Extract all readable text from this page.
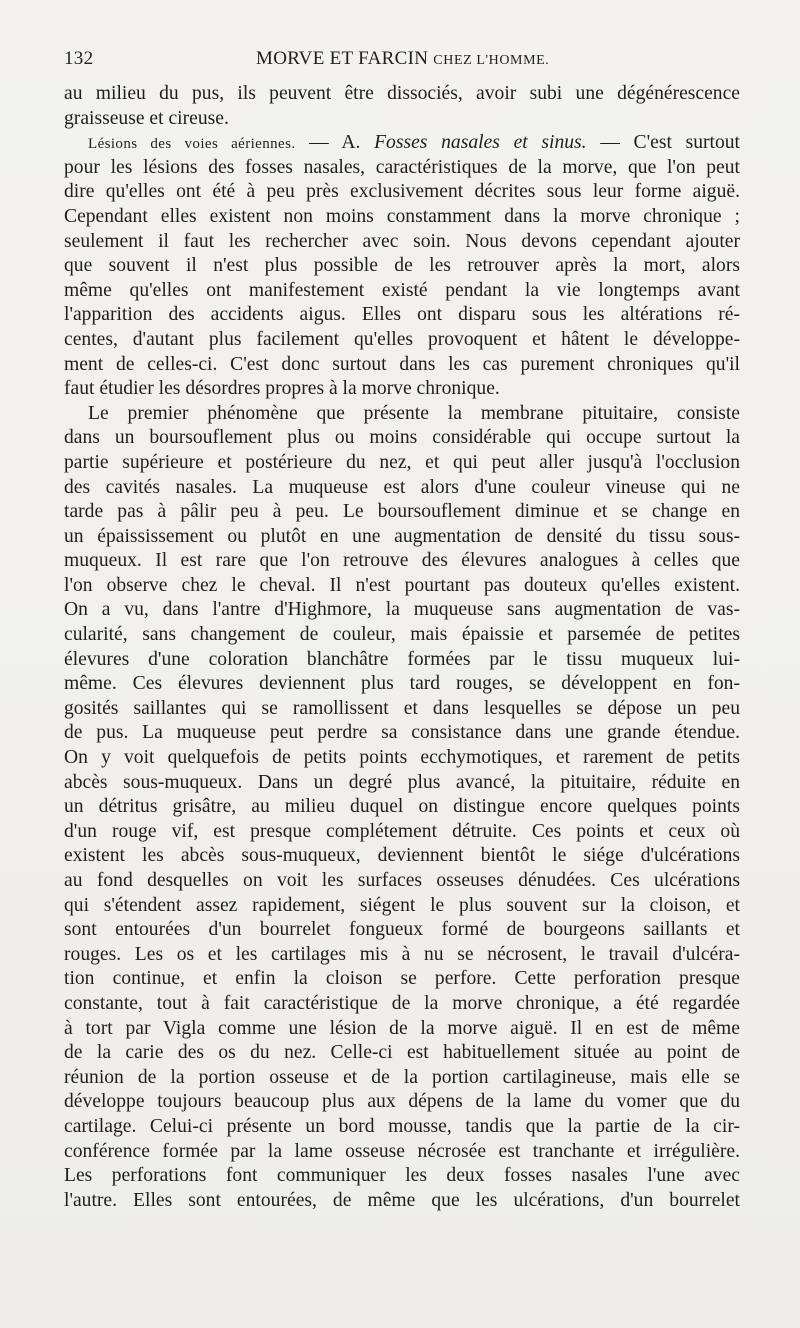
132	MORVE ET FARCIN CHEZ L'HOMME.
au milieu du pus, ils peuvent être dissociés, avoir subi une dégénérescence
graisseuse et cireuse.
Lésions des voies aériennes. — A. Fosses nasales et sinus. — C'est surtout
pour les lésions des fosses nasales, caractéristiques de la morve, que l'on peut
dire qu'elles ont été à peu près exclusivement décrites sous leur forme aiguë.
Cependant elles existent non moins constamment dans la morve chronique ;
seulement il faut les rechercher avec soin. Nous devons cependant ajouter
que souvent il n'est plus possible de les retrouver après la mort, alors
même qu'elles ont manifestement existé pendant la vie longtemps avant
l'apparition des accidents aigus. Elles ont disparu sous les altérations ré-
centes, d'autant plus facilement qu'elles provoquent et hâtent le développe-
ment de celles-ci. C'est donc surtout dans les cas purement chroniques qu'il
faut étudier les désordres propres à la morve chronique.
Le premier phénomène que présente la membrane pituitaire, consiste
dans un boursouflement plus ou moins considérable qui occupe surtout la
partie supérieure et postérieure du nez, et qui peut aller jusqu'à l'occlusion
des cavités nasales. La muqueuse est alors d'une couleur vineuse qui ne
tarde pas à pâlir peu à peu. Le boursouflement diminue et se change en
un épaississement ou plutôt en une augmentation de densité du tissu sous-
muqueux. Il est rare que l'on retrouve des élevures analogues à celles que
l'on observe chez le cheval. Il n'est pourtant pas douteux qu'elles existent.
On a vu, dans l'antre d'Highmore, la muqueuse sans augmentation de vas-
cularité, sans changement de couleur, mais épaissie et parsemée de petites
élevures d'une coloration blanchâtre formées par le tissu muqueux lui-
même. Ces élevures deviennent plus tard rouges, se développent en fon-
gosités saillantes qui se ramollissent et dans lesquelles se dépose un peu
de pus. La muqueuse peut perdre sa consistance dans une grande étendue.
On y voit quelquefois de petits points ecchymotiques, et rarement de petits
abcès sous-muqueux. Dans un degré plus avancé, la pituitaire, réduite en
un détritus grisâtre, au milieu duquel on distingue encore quelques points
d'un rouge vif, est presque complétement détruite. Ces points et ceux où
existent les abcès sous-muqueux, deviennent bientôt le siége d'ulcérations
au fond desquelles on voit les surfaces osseuses dénudées. Ces ulcérations
qui s'étendent assez rapidement, siégent le plus souvent sur la cloison, et
sont entourées d'un bourrelet fongueux formé de bourgeons saillants et
rouges. Les os et les cartilages mis à nu se nécrosent, le travail d'ulcéra-
tion continue, et enfin la cloison se perfore. Cette perforation presque
constante, tout à fait caractéristique de la morve chronique, a été regardée
à tort par Vigla comme une lésion de la morve aiguë. Il en est de même
de la carie des os du nez. Celle-ci est habituellement située au point de
réunion de la portion osseuse et de la portion cartilagineuse, mais elle se
développe toujours beaucoup plus aux dépens de la lame du vomer que du
cartilage. Celui-ci présente un bord mousse, tandis que la partie de la cir-
conférence formée par la lame osseuse nécrosée est tranchante et irrégulière.
Les perforations font communiquer les deux fosses nasales l'une avec
l'autre. Elles sont entourées, de même que les ulcérations, d'un bourrelet
